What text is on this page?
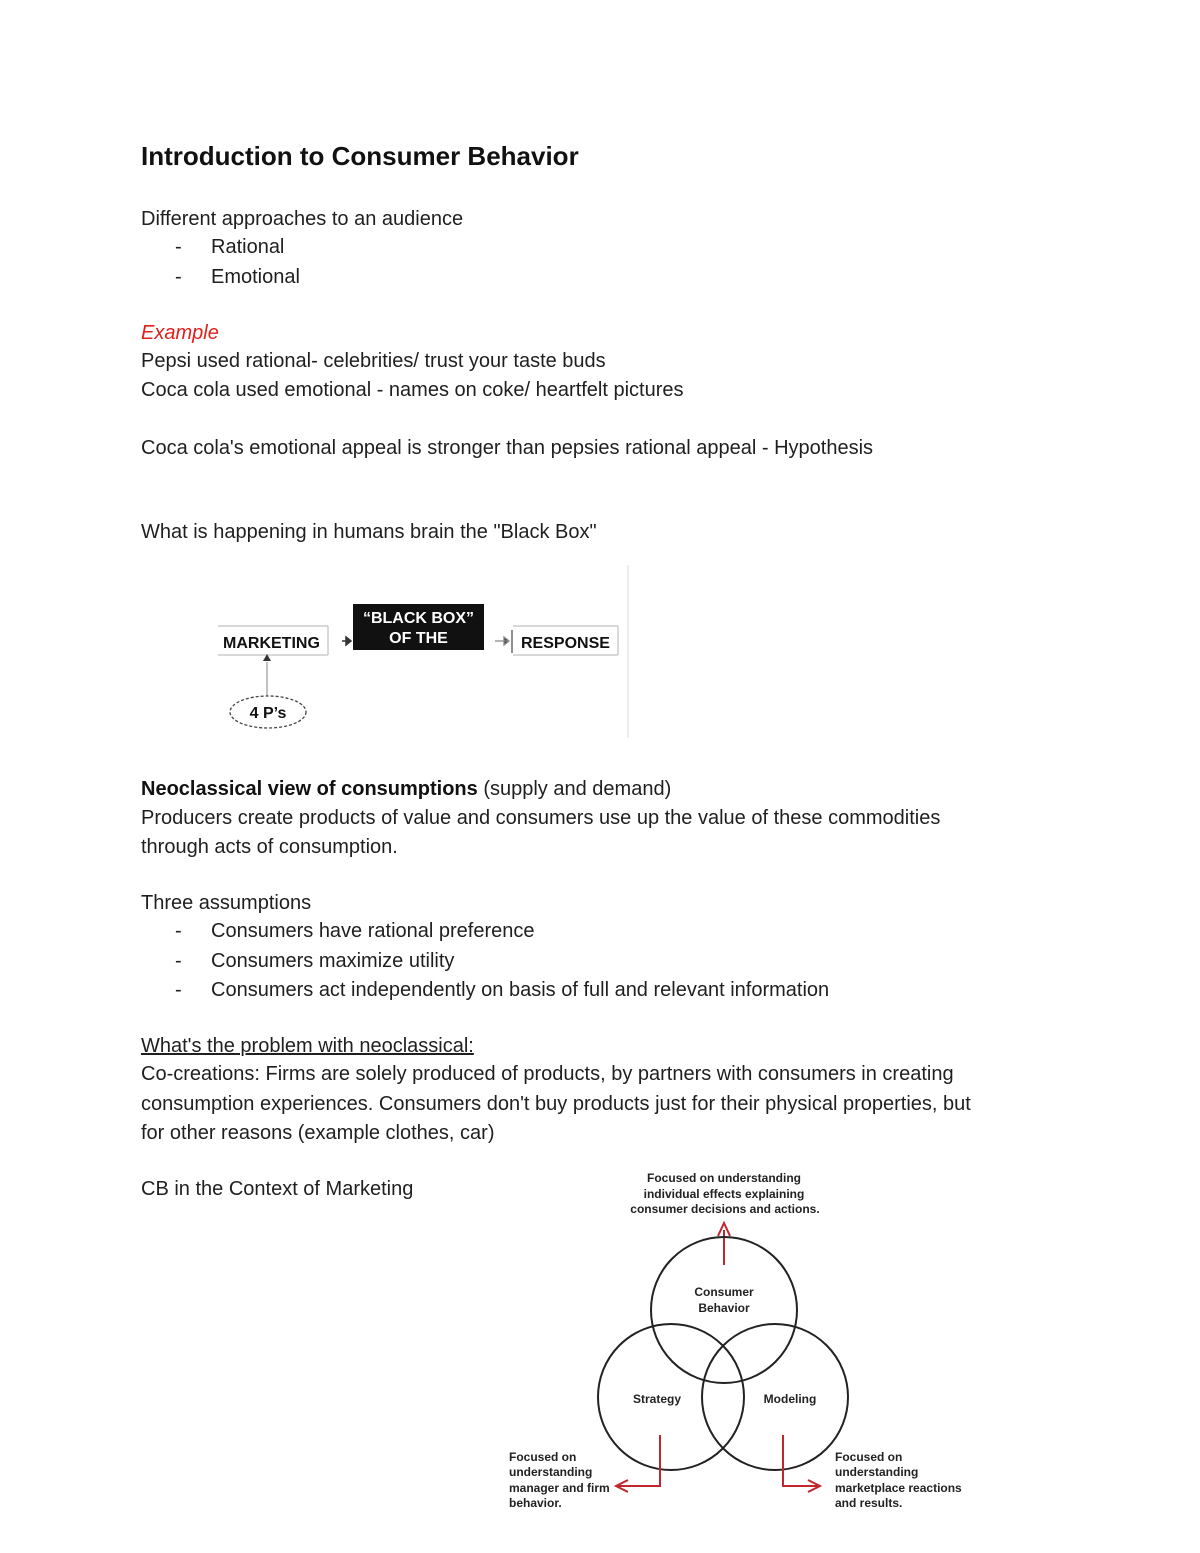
Introduction to Consumer Behavior
Different approaches to an audience
- Rational
- Emotional
Example
Pepsi used rational- celebrities/ trust your taste buds
Coca cola used emotional - names on coke/ heartfelt pictures
Coca cola's emotional appeal is stronger than pepsies rational appeal - Hypothesis
What is happening in humans brain the "Black Box"
MARKETING
“BLACK BOX”
OF THE	RESPONSE
4 P’s
Neoclassical view of consumptions (supply and demand)
Producers create products of value and consumers use up the value of these commodities
through acts of consumption.
Three assumptions
- Consumers have rational preference
- Consumers maximize utility
- Consumers act independently on basis of full and relevant information
What's the problem with neoclassical:
Co-creations: Firms are solely produced of products, by partners with consumers in creating
consumption experiences. Consumers don't buy products just for their physical properties, but
for other reasons (example clothes, car)
CB in the Context of Marketing	Focused on understanding
individual effects explaining
consumer decisions and actions.
Consumer
Behavior
Strategy	Modeling
Focused on
understanding
manager and firm
behavior.
Focused on
understanding
marketplace reactions
and results.
